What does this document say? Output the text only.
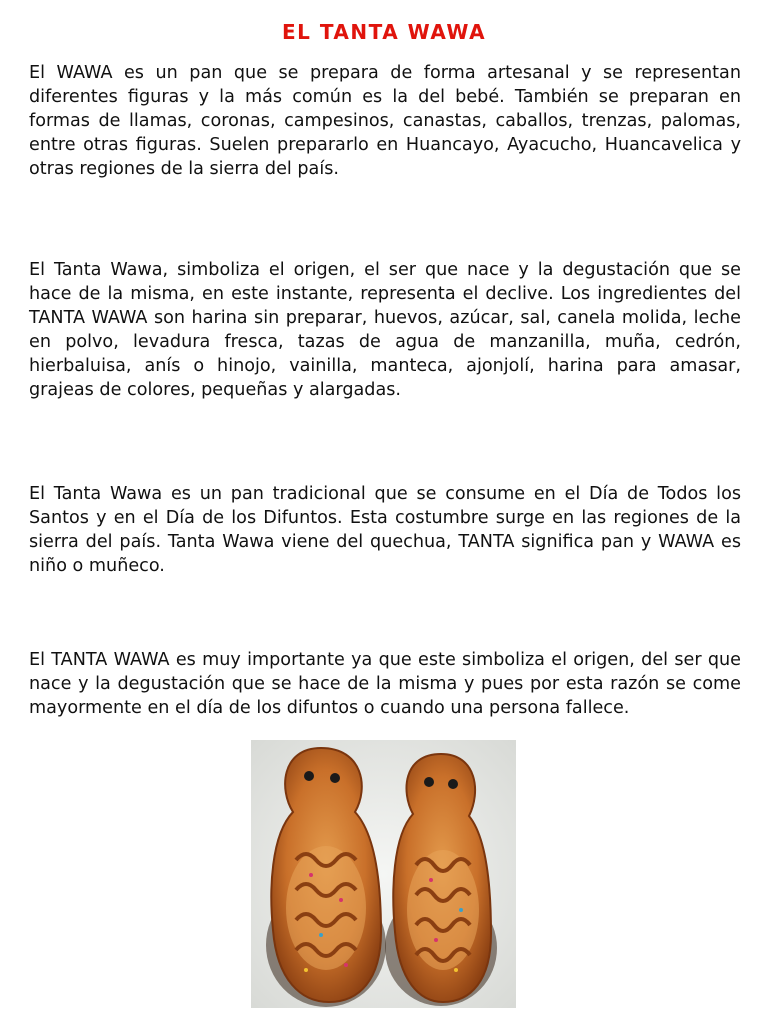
EL TANTA WAWA

El WAWA es un pan que se prepara de forma artesanal y se representan diferentes figuras y la más común es la del bebé. También se preparan en formas de llamas, coronas, campesinos, canastas, caballos, trenzas, palomas, entre otras figuras. Suelen prepararlo en Huancayo, Ayacucho, Huancavelica y otras regiones de la sierra del país.

El Tanta Wawa, simboliza el origen, el ser que nace y la degustación que se hace de la misma, en este instante, representa el declive. Los ingredientes del TANTA WAWA son harina sin preparar, huevos, azúcar, sal, canela molida, leche en polvo, levadura fresca, tazas de agua de manzanilla, muña, cedrón, hierbaluisa, anís o hinojo, vainilla, manteca, ajonjolí, harina para amasar, grajeas de colores, pequeñas y alargadas.

El Tanta Wawa es un pan tradicional que se consume en el Día de Todos los Santos y en el Día de los Difuntos. Esta costumbre surge en las regiones de la sierra del país. Tanta Wawa viene del quechua, TANTA significa pan y WAWA es niño o muñeco.

El TANTA WAWA es muy importante ya que este simboliza el origen, del ser que nace y la degustación que se hace de la misma y pues por esta razón se come mayormente en el día de los difuntos o cuando una persona fallece.
